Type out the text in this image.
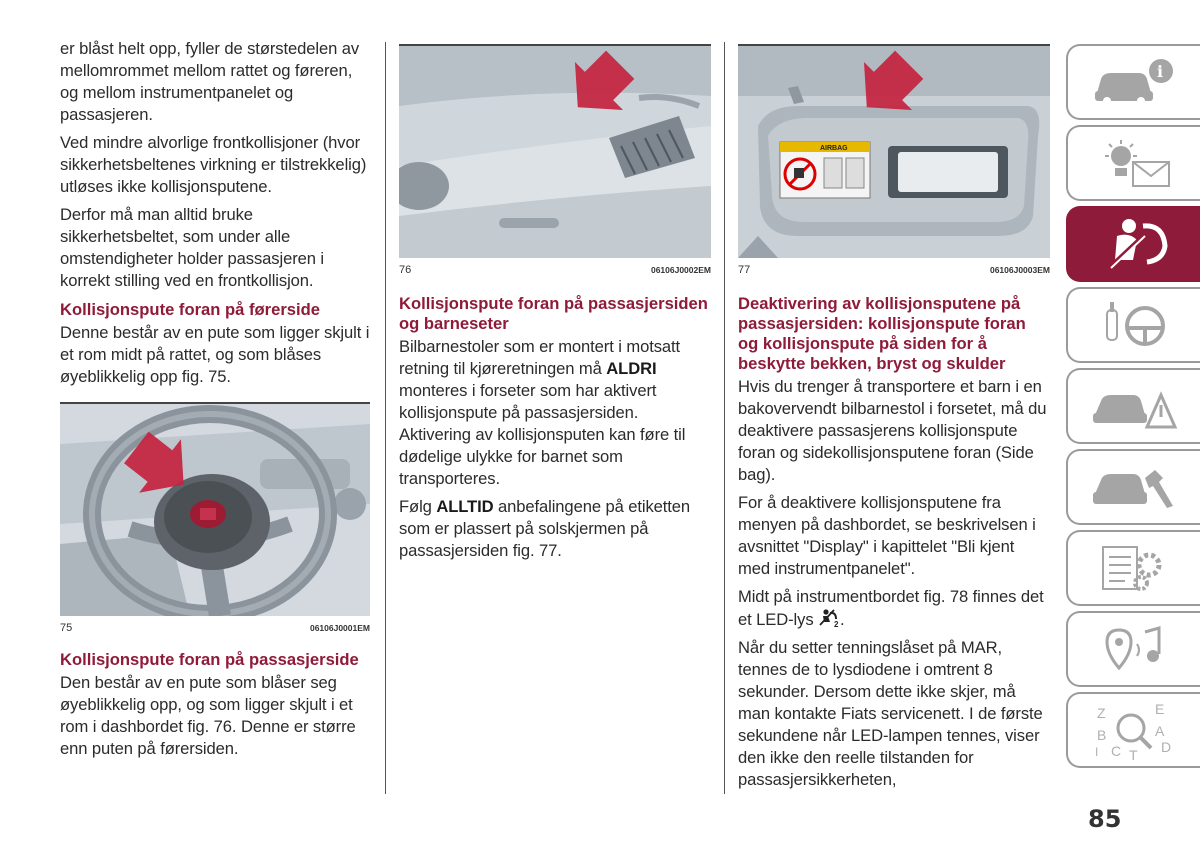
er blåst helt opp, fyller de størstedelen av mellomrommet mellom rattet og føreren, og mellom instrumentpanelet og passasjeren.

Ved mindre alvorlige frontkollisjoner (hvor sikkerhetsbeltenes virkning er tilstrekkelig) utløses ikke kollisjonsputene.

Derfor må man alltid bruke sikkerhetsbeltet, som under alle omstendigheter holder passasjeren i korrekt stilling ved en frontkollisjon.

Kollisjonspute foran på førerside

Denne består av en pute som ligger skjult i et rom midt på rattet, og som blåses øyeblikkelig opp fig. 75.

75	06106J0001EM
Kollisjonspute foran på passasjerside

Den består av en pute som blåser seg øyeblikkelig opp, og som ligger skjult i et rom i dashbordet fig. 76. Denne er større enn puten på førersiden.

76	06106J0002EM
Kollisjonspute foran på passasjersiden og barneseter

Bilbarnestoler som er montert i motsatt retning til kjøreretningen må ALDRI monteres i forseter som har aktivert kollisjonspute på passasjersiden. Aktivering av kollisjonsputen kan føre til dødelige ulykke for barnet som transporteres.

Følg ALLTID anbefalingene på etiketten som er plassert på solskjermen på passasjersiden fig. 77.

AIRBAG
77	06106J0003EM
Deaktivering av kollisjonsputene på passasjersiden: kollisjonspute foran og kollisjonspute på siden for å beskytte bekken, bryst og skulder

Hvis du trenger å transportere et barn i en bakovervendt bilbarnestol i forsetet, må du deaktivere passasjerens kollisjonspute foran og sidekollisjonsputene foran (Side bag).

For å deaktivere kollisjonsputene fra menyen på dashbordet, se beskrivelsen i avsnittet "Display" i kapittelet "Bli kjent med instrumentpanelet".

Midt på instrumentbordet fig. 78 finnes det et LED-lys 2 .

Når du setter tenningslåset på MAR, tennes de to lysdiodene i omtrent 8 sekunder. Dersom dette ikke skjer, må man kontakte Fiats servicenett. I de første sekundene når LED-lampen tennes, viser den ikke den reelle tilstanden for passasjersikkerheten,

i
Z	E
B	A
C T D
I
85
